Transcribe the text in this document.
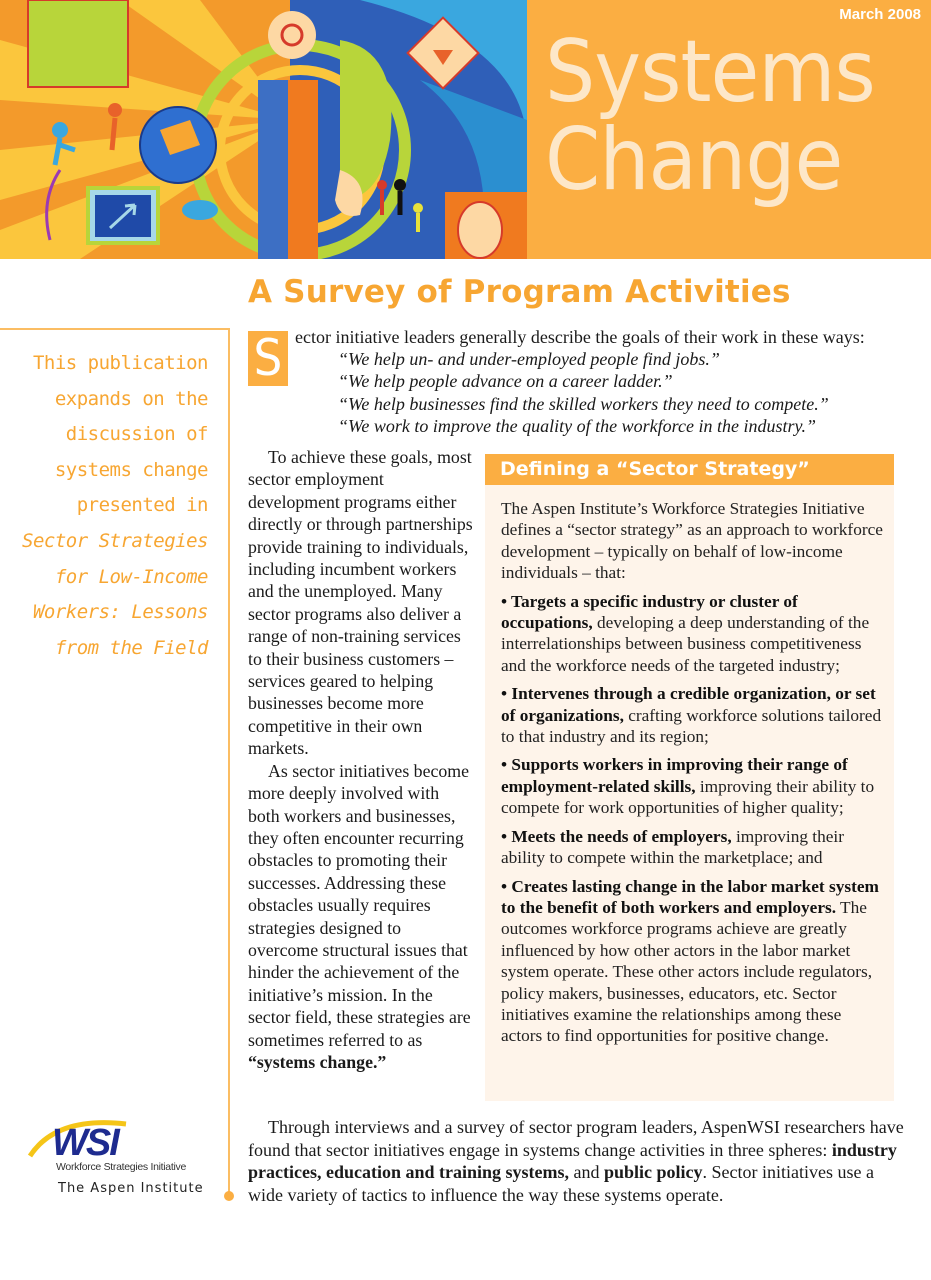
March 2008
Systems
Change
A Survey of Program Activities
This publication
expands on the
discussion of
systems change
presented in
Sector Strategies
for Low-Income
Workers: Lessons
from the Field
WSI
Workforce Strategies Initiative
The Aspen Institute
S ector initiative leaders generally describe the goals of their work in these ways:
“We help un- and under-employed people find jobs.”
“We help people advance on a career ladder.”
“We help businesses find the skilled workers they need to compete.”
“We work to improve the quality of the workforce in the industry.”

To achieve these goals, most sector employment development programs either directly or through partnerships provide training to individuals, including incumbent workers and the unemployed. Many sector programs also deliver a range of non-training services to their business customers – services geared to helping businesses become more competitive in their own markets.

As sector initiatives become more deeply involved with both workers and businesses, they often encounter recurring obstacles to promoting their successes. Addressing these obstacles usually requires strategies designed to overcome structural issues that hinder the achievement of the initiative’s mission. In the sector field, these strategies are sometimes referred to as “systems change.”

Defining a “Sector Strategy”

The Aspen Institute’s Workforce Strategies Initiative defines a “sector strategy” as an approach to workforce development – typically on behalf of low-income individuals – that:

• Targets a specific industry or cluster of occupations, developing a deep understanding of the interrelationships between business competitiveness and the workforce needs of the targeted industry;

• Intervenes through a credible organization, or set of organizations, crafting workforce solutions tailored to that industry and its region;

• Supports workers in improving their range of employment-related skills, improving their ability to compete for work opportunities of higher quality;

• Meets the needs of employers, improving their ability to compete within the marketplace; and

• Creates lasting change in the labor market system to the benefit of both workers and employers. The outcomes workforce programs achieve are greatly influenced by how other actors in the labor market system operate. These other actors include regulators, policy makers, businesses, educators, etc. Sector initiatives examine the relationships among these actors to find opportunities for positive change.

Through interviews and a survey of sector program leaders, AspenWSI researchers have found that sector initiatives engage in systems change activities in three spheres: industry practices, education and training systems, and public policy. Sector initiatives use a wide variety of tactics to influence the way these systems operate.
